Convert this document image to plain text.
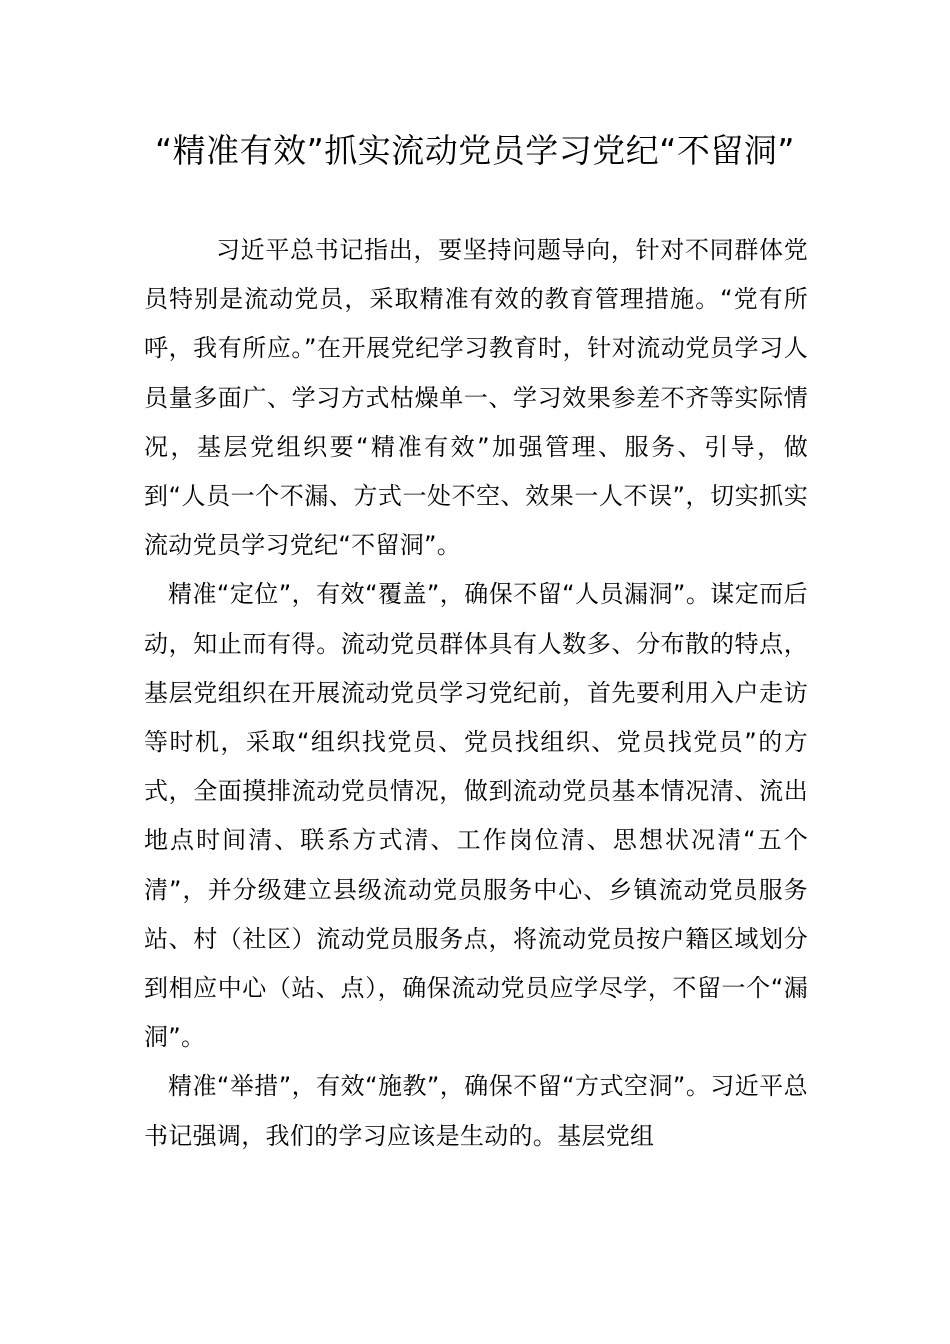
“精准有效”抓实流动党员学习党纪“不留洞”

习近平总书记指出，要坚持问题导向，针对不同群体党员特别是流动党员，采取精准有效的教育管理措施。“党有所呼，我有所应。”在开展党纪学习教育时，针对流动党员学习人员量多面广、学习方式枯燥单一、学习效果参差不齐等实际情况，基层党组织要“精准有效”加强管理、服务、引导，做到“人员一个不漏、方式一处不空、效果一人不误”，切实抓实流动党员学习党纪“不留洞”。

精准“定位”，有效“覆盖”，确保不留“人员漏洞”。谋定而后动，知止而有得。流动党员群体具有人数多、分布散的特点，基层党组织在开展流动党员学习党纪前，首先要利用入户走访等时机，采取“组织找党员、党员找组织、党员找党员”的方式，全面摸排流动党员情况，做到流动党员基本情况清、流出地点时间清、联系方式清、工作岗位清、思想状况清“五个清”，并分级建立县级流动党员服务中心、乡镇流动党员服务站、村（社区）流动党员服务点，将流动党员按户籍区域划分到相应中心（站、点），确保流动党员应学尽学，不留一个“漏洞”。

精准“举措”，有效“施教”，确保不留“方式空洞”。习近平总书记强调，我们的学习应该是生动的。基层党组
